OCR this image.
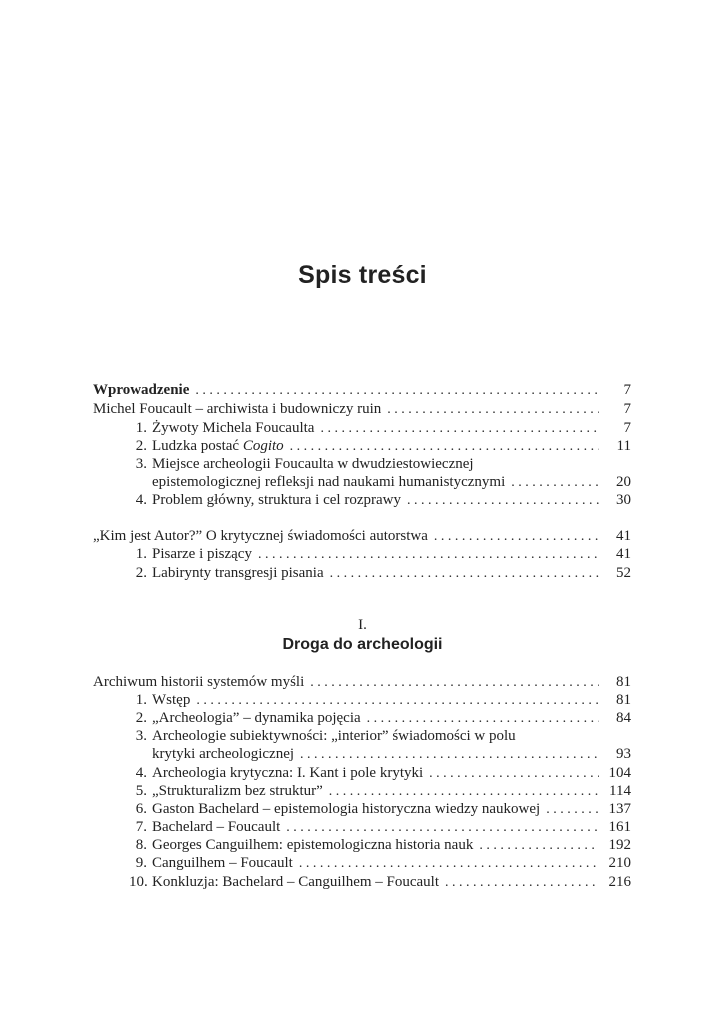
Spis treści
Wprowadzenie . . .	7
Michel Foucault – archiwista i budowniczy ruin . . .	7
1. Żywoty Michela Foucaulta . . .	7
2. Ludzka postać Cogito . . .	11
3. Miejsce archeologii Foucaulta w dwudziestowiecznej
epistemologicznej refleksji nad naukami humanistycznymi . . .	20
4. Problem główny, struktura i cel rozprawy . . .	30
„Kim jest Autor?” O krytycznej świadomości autorstwa . . .	41
1. Pisarze i piszący . . .	41
2. Labirynty transgresji pisania . . .	52
I.
Droga do archeologii
Archiwum historii systemów myśli . . .	81
1. Wstęp . . .	81
2. „Archeologia” – dynamika pojęcia . . .	84
3. Archeologie subiektywności: „interior” świadomości w polu
krytyki archeologicznej . . .	93
4. Archeologia krytyczna: I. Kant i pole krytyki . . .	104
5. „Strukturalizm bez struktur” . . .	114
6. Gaston Bachelard – epistemologia historyczna wiedzy naukowej . . .	137
7. Bachelard – Foucault . . .	161
8. Georges Canguilhem: epistemologiczna historia nauk . . .	192
9. Canguilhem – Foucault . . .	210
10. Konkluzja: Bachelard – Canguilhem – Foucault . . .	216
